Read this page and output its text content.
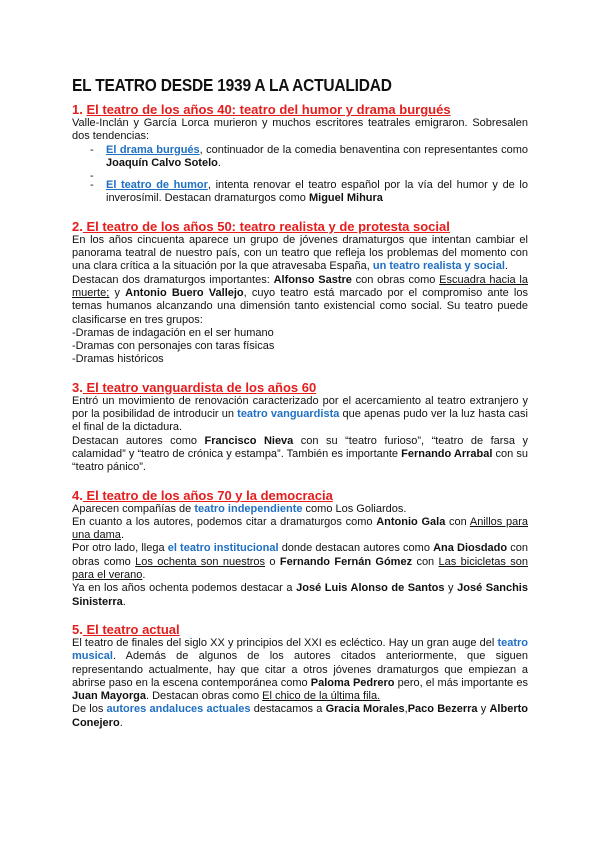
EL TEATRO DESDE 1939 A LA ACTUALIDAD
1. El teatro de los años 40: teatro del humor y drama burgués

Valle-Inclán y García Lorca murieron y muchos escritores teatrales emigraron. Sobresalen dos tendencias:

- El drama burgués, continuador de la comedia benaventina con representantes como Joaquín Calvo Sotelo.
-
- El teatro de humor, intenta renovar el teatro español por la vía del humor y de lo inverosímil. Destacan dramaturgos como Miguel Mihura
2. El teatro de los años 50: teatro realista y de protesta social

En los años cincuenta aparece un grupo de jóvenes dramaturgos que intentan cambiar el panorama teatral de nuestro país, con un teatro que refleja los problemas del momento con una clara crítica a la situación por la que atravesaba España, un teatro realista y social.

Destacan dos dramaturgos importantes: Alfonso Sastre con obras como Escuadra hacia la muerte; y Antonio Buero Vallejo, cuyo teatro está marcado por el compromiso ante los temas humanos alcanzando una dimensión tanto existencial como social. Su teatro puede clasificarse en tres grupos:

-Dramas de indagación en el ser humano
-Dramas con personajes con taras físicas
-Dramas históricos
3. El teatro vanguardista de los años 60

Entró un movimiento de renovación caracterizado por el acercamiento al teatro extranjero y por la posibilidad de introducir un teatro vanguardista que apenas pudo ver la luz hasta casi el final de la dictadura.

Destacan autores como Francisco Nieva con su “teatro furioso”, “teatro de farsa y calamidad” y “teatro de crónica y estampa”. También es importante Fernando Arrabal con su “teatro pánico”.

4. El teatro de los años 70 y la democracia

Aparecen compañías de teatro independiente como Los Goliardos.

En cuanto a los autores, podemos citar a dramaturgos como Antonio Gala con Anillos para una dama.

Por otro lado, llega el teatro institucional donde destacan autores como Ana Diosdado con obras como Los ochenta son nuestros o Fernando Fernán Gómez con Las bicicletas son para el verano.

Ya en los años ochenta podemos destacar a José Luis Alonso de Santos y José Sanchis Sinisterra.

5. El teatro actual

El teatro de finales del siglo XX y principios del XXI es ecléctico. Hay un gran auge del teatro musical. Además de algunos de los autores citados anteriormente, que siguen representando actualmente, hay que citar a otros jóvenes dramaturgos que empiezan a abrirse paso en la escena contemporánea como Paloma Pedrero pero, el más importante es Juan Mayorga. Destacan obras como El chico de la última fila.

De los autores andaluces actuales destacamos a Gracia Morales,Paco Bezerra y Alberto Conejero.
